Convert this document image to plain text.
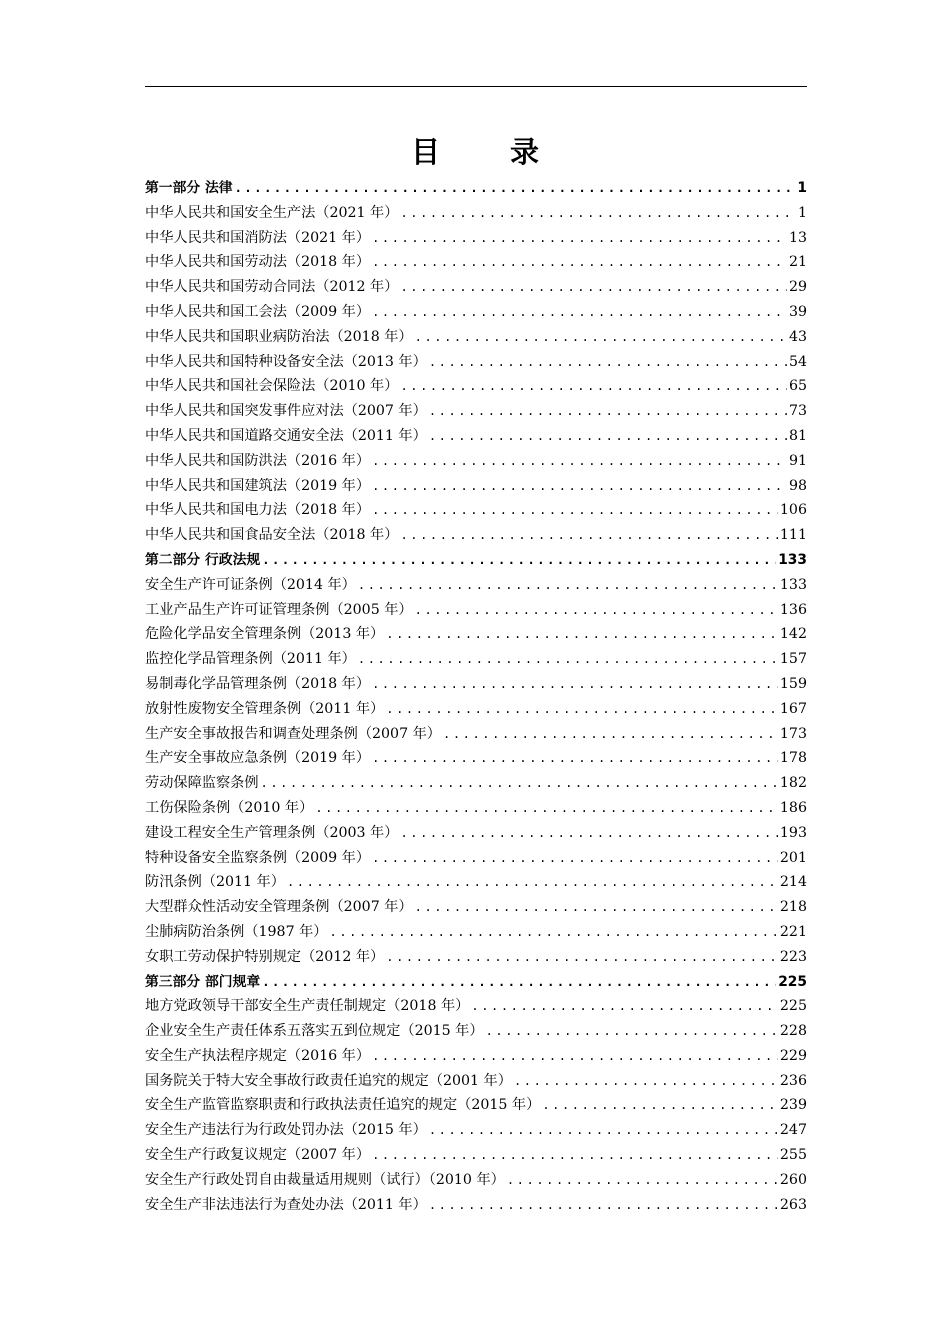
目 录
第一部分 法律 .....	1
中华人民共和国安全生产法（2021 年） .....	1
中华人民共和国消防法（2021 年） .....	13
中华人民共和国劳动法（2018 年） .....	21
中华人民共和国劳动合同法（2012 年） .....	29
中华人民共和国工会法（2009 年） .....	39
中华人民共和国职业病防治法（2018 年） .....	43
中华人民共和国特种设备安全法（2013 年） .....	54
中华人民共和国社会保险法（2010 年） .....	65
中华人民共和国突发事件应对法（2007 年） .....	73
中华人民共和国道路交通安全法（2011 年） .....	81
中华人民共和国防洪法（2016 年） .....	91
中华人民共和国建筑法（2019 年） .....	98
中华人民共和国电力法（2018 年） .....	106
中华人民共和国食品安全法（2018 年） .....	111
第二部分 行政法规 .....	133
安全生产许可证条例（2014 年） .....	133
工业产品生产许可证管理条例（2005 年） .....	136
危险化学品安全管理条例（2013 年） .....	142
监控化学品管理条例（2011 年） .....	157
易制毒化学品管理条例（2018 年） .....	159
放射性废物安全管理条例（2011 年） .....	167
生产安全事故报告和调查处理条例（2007 年） .....	173
生产安全事故应急条例（2019 年） .....	178
劳动保障监察条例 .....	182
工伤保险条例（2010 年） .....	186
建设工程安全生产管理条例（2003 年） .....	193
特种设备安全监察条例（2009 年） .....	201
防汛条例（2011 年） .....	214
大型群众性活动安全管理条例（2007 年） .....	218
尘肺病防治条例（1987 年） .....	221
女职工劳动保护特别规定（2012 年） .....	223
第三部分 部门规章 .....	225
地方党政领导干部安全生产责任制规定（2018 年） .....	225
企业安全生产责任体系五落实五到位规定（2015 年） .....	228
安全生产执法程序规定（2016 年） .....	229
国务院关于特大安全事故行政责任追究的规定（2001 年） .....	236
安全生产监管监察职责和行政执法责任追究的规定（2015 年） .....	239
安全生产违法行为行政处罚办法（2015 年） .....	247
安全生产行政复议规定（2007 年） .....	255
安全生产行政处罚自由裁量适用规则（试行）（2010 年） .....	260
安全生产非法违法行为查处办法（2011 年） .....	263
